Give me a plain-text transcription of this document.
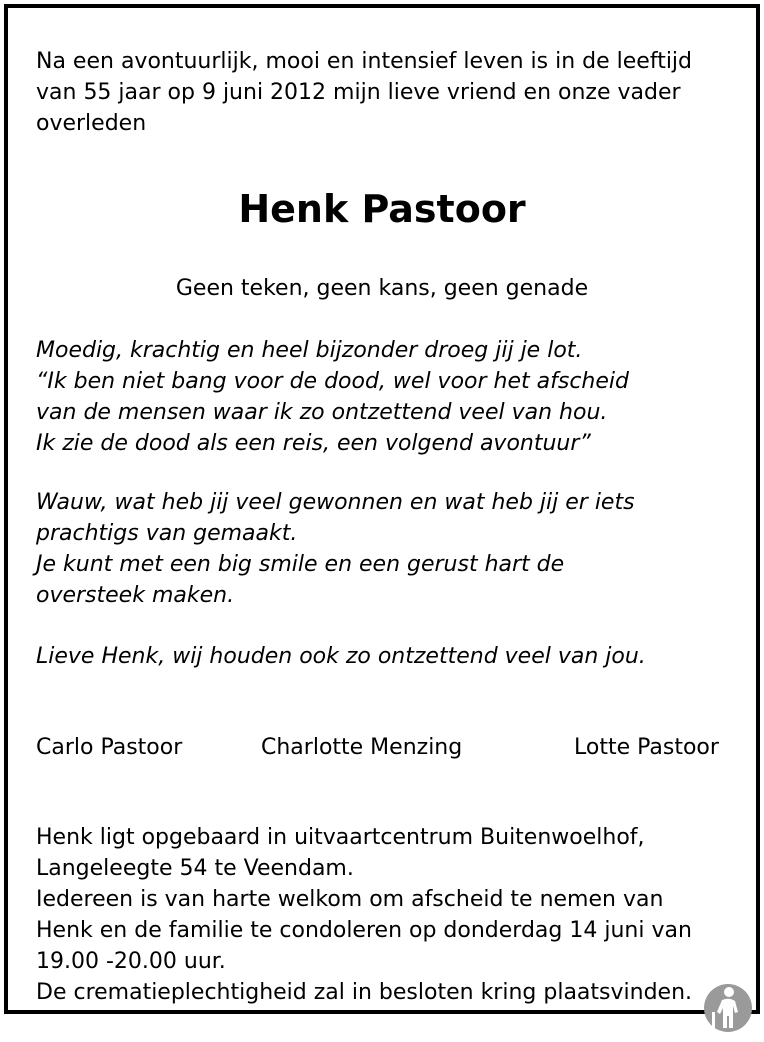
Na een avontuurlijk, mooi en intensief leven is in de leeftijd
van 55 jaar op 9 juni 2012 mijn lieve vriend en onze vader
overleden
Henk Pastoor
Geen teken, geen kans, geen genade
Moedig, krachtig en heel bijzonder droeg jij je lot.
“Ik ben niet bang voor de dood, wel voor het afscheid
van de mensen waar ik zo ontzettend veel van hou.
Ik zie de dood als een reis, een volgend avontuur”
Wauw, wat heb jij veel gewonnen en wat heb jij er iets
prachtigs van gemaakt.
Je kunt met een big smile en een gerust hart de
oversteek maken.
Lieve Henk, wij houden ook zo ontzettend veel van jou.
Carlo Pastoor	Charlotte Menzing	Lotte Pastoor
Henk ligt opgebaard in uitvaartcentrum Buitenwoelhof,
Langeleegte 54 te Veendam.
Iedereen is van harte welkom om afscheid te nemen van
Henk en de familie te condoleren op donderdag 14 juni van
19.00 -20.00 uur.
De crematieplechtigheid zal in besloten kring plaatsvinden.
